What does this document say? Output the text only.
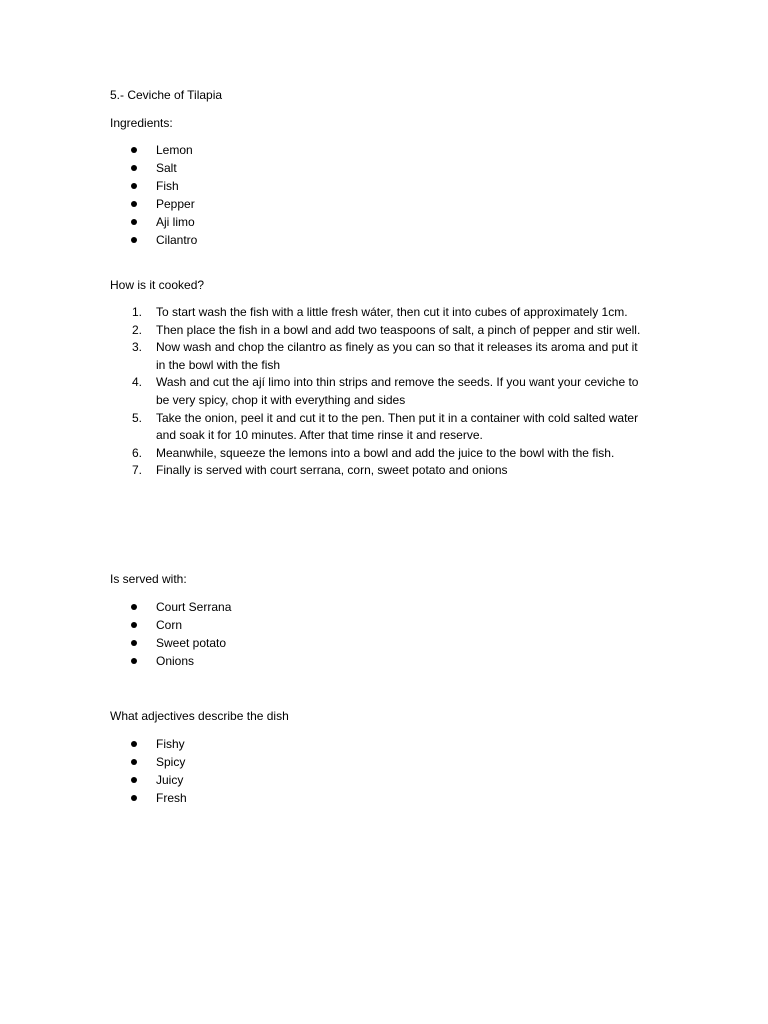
5.- Ceviche of Tilapia

Ingredients:

Lemon
Salt
Fish
Pepper
Aji limo
Cilantro

How is it cooked?

1. To start wash the fish with a little fresh wáter, then cut it into cubes of approximately 1cm.
2. Then place the fish in a bowl and add two teaspoons of salt, a pinch of pepper and stir well.
3. Now wash and chop the cilantro as finely as you can so that it releases its aroma and put it in the bowl with the fish
4. Wash and cut the ají limo into thin strips and remove the seeds. If you want your ceviche to be very spicy, chop it with everything and sides
5. Take the onion, peel it and cut it to the pen. Then put it in a container with cold salted water and soak it for 10 minutes. After that time rinse it and reserve.
6. Meanwhile, squeeze the lemons into a bowl and add the juice to the bowl with the fish.
7. Finally is served with court serrana, corn, sweet potato and onions

Is served with:

Court Serrana
Corn
Sweet potato
Onions

What adjectives describe the dish

Fishy
Spicy
Juicy
Fresh
